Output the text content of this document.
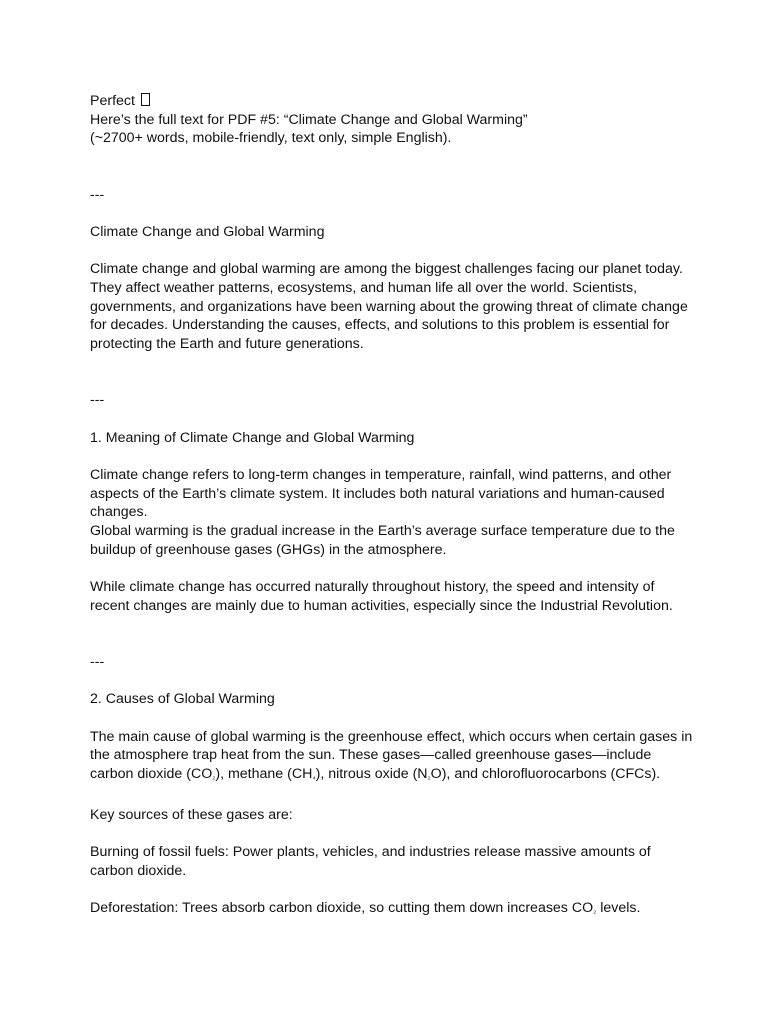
Perfect
Here’s the full text for PDF #5: “Climate Change and Global Warming”
(~2700+ words, mobile-friendly, text only, simple English).

---

Climate Change and Global Warming

Climate change and global warming are among the biggest challenges facing our planet today.
They affect weather patterns, ecosystems, and human life all over the world. Scientists,
governments, and organizations have been warning about the growing threat of climate change
for decades. Understanding the causes, effects, and solutions to this problem is essential for
protecting the Earth and future generations.

---

1. Meaning of Climate Change and Global Warming

Climate change refers to long-term changes in temperature, rainfall, wind patterns, and other
aspects of the Earth’s climate system. It includes both natural variations and human-caused
changes.
Global warming is the gradual increase in the Earth’s average surface temperature due to the
buildup of greenhouse gases (GHGs) in the atmosphere.

While climate change has occurred naturally throughout history, the speed and intensity of
recent changes are mainly due to human activities, especially since the Industrial Revolution.

---

2. Causes of Global Warming

The main cause of global warming is the greenhouse effect, which occurs when certain gases in
the atmosphere trap heat from the sun. These gases—called greenhouse gases—include
carbon dioxide (CO₂), methane (CH₄), nitrous oxide (N₂O), and chlorofluorocarbons (CFCs).

Key sources of these gases are:

Burning of fossil fuels: Power plants, vehicles, and industries release massive amounts of
carbon dioxide.

Deforestation: Trees absorb carbon dioxide, so cutting them down increases CO₂ levels.
